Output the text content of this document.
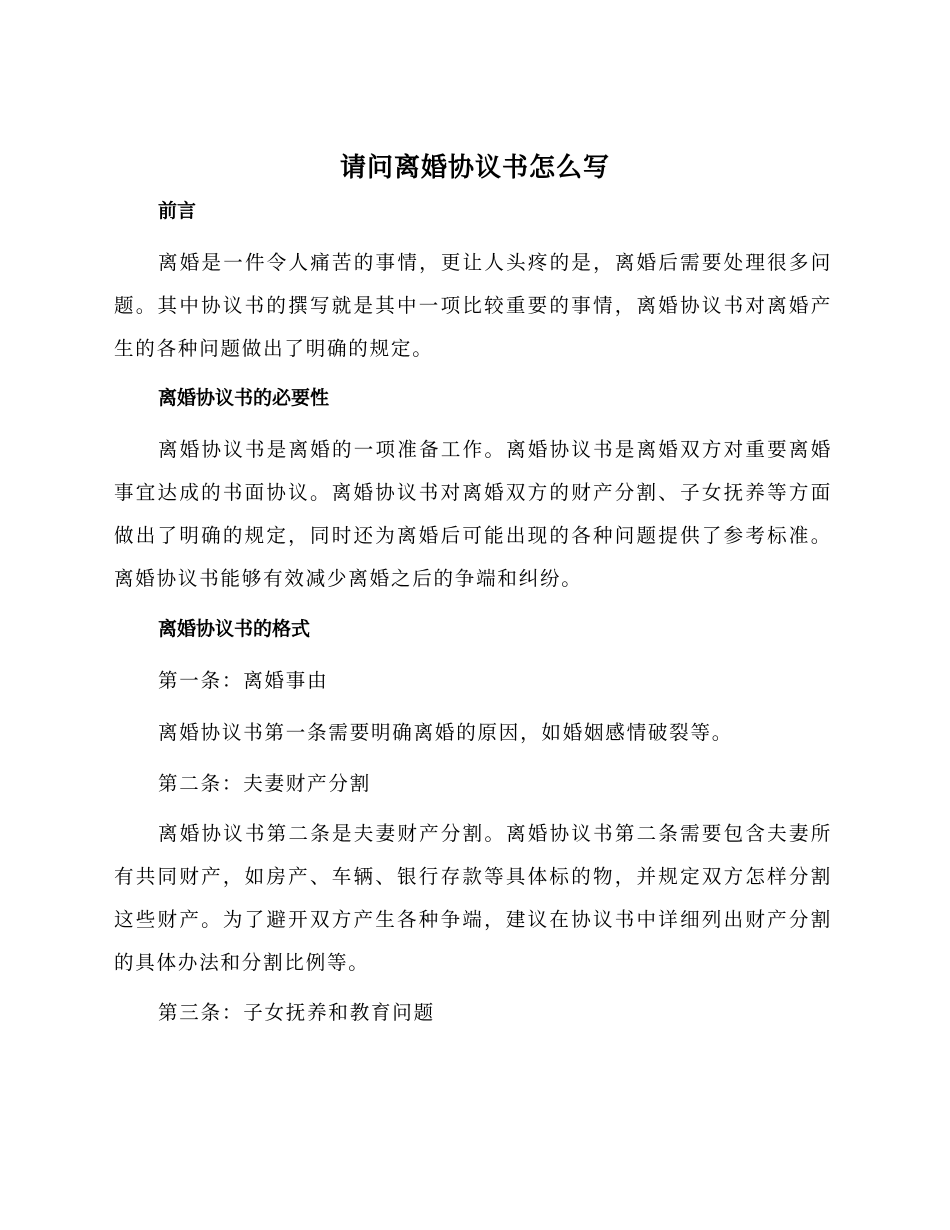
请问离婚协议书怎么写
前言
离婚是一件令人痛苦的事情，更让人头疼的是，离婚后需要处理很多问题。其中协议书的撰写就是其中一项比较重要的事情，离婚协议书对离婚产生的各种问题做出了明确的规定。
离婚协议书的必要性
离婚协议书是离婚的一项准备工作。离婚协议书是离婚双方对重要离婚事宜达成的书面协议。离婚协议书对离婚双方的财产分割、子女抚养等方面做出了明确的规定，同时还为离婚后可能出现的各种问题提供了参考标准。离婚协议书能够有效减少离婚之后的争端和纠纷。
离婚协议书的格式
第一条：离婚事由
离婚协议书第一条需要明确离婚的原因，如婚姻感情破裂等。
第二条：夫妻财产分割
离婚协议书第二条是夫妻财产分割。离婚协议书第二条需要包含夫妻所有共同财产，如房产、车辆、银行存款等具体标的物，并规定双方怎样分割这些财产。为了避开双方产生各种争端，建议在协议书中详细列出财产分割的具体办法和分割比例等。
第三条：子女抚养和教育问题
